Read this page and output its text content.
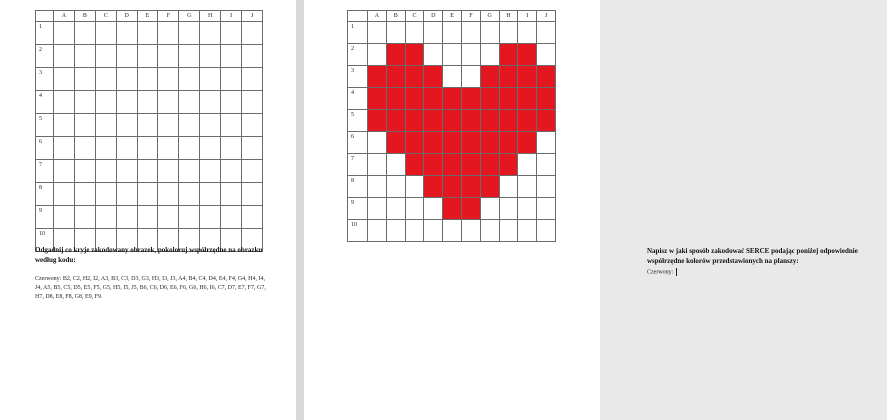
	A	B	C	D	E	F	G	H	I	J
1										
2										
3										
4										
5										
6										
7										
8										
9										
10										
Odgadnij co kryje zakodowany obrazek, pokoloruj współrzędne na obrazku według kodu:
Czerwony: B2, C2, H2, I2, A3, B3, C3, D3, G3, H3, I3, J3, A4, B4, C4, D4, E4, F4, G4, H4, I4, J4, A5, B5, C5, D5, E5, F5, G5, H5, I5, J5, B6, C6, D6, E6, F6, G6, H6, I6, C7, D7, E7, F7, G7, H7, D8, E8, F8, G8, E9, F9.
	A	B	C	D	E	F	G	H	I	J
1										
2										
3										
4										
5										
6										
7										
8										
9										
10										
Napisz w jaki sposób zakodować SERCE podając poniżej odpowiednie współrzędne kolorów przedstawionych na planszy:
Czerwony:
